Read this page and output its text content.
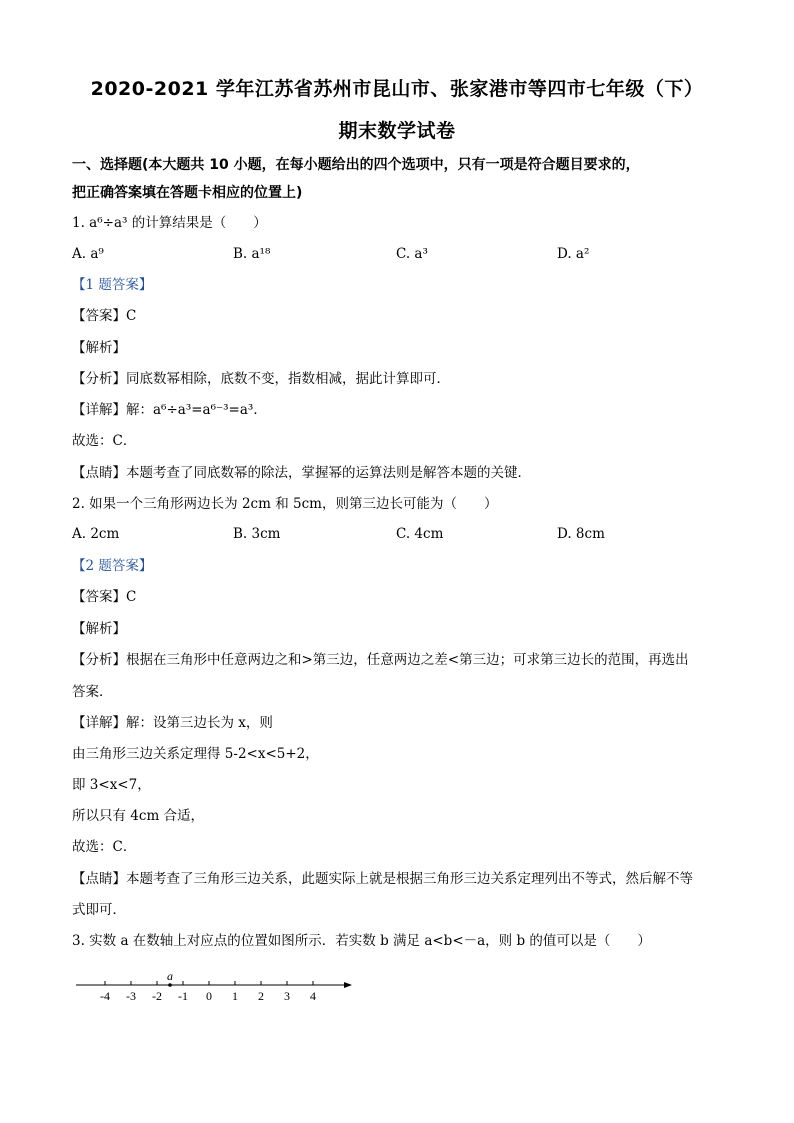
2020-2021 学年江苏省苏州市昆山市、张家港市等四市七年级（下）
期末数学试卷
一、选择题(本大题共 10 小题，在每小题给出的四个选项中，只有一项是符合题目要求的，
把正确答案填在答题卡相应的位置上)
1. a⁶÷a³ 的计算结果是（　　）
A. a⁹	B. a¹⁸	C. a³	D. a²
【1 题答案】
【答案】C
【解析】
【分析】同底数幂相除，底数不变，指数相减，据此计算即可．
【详解】解：a⁶÷a³=a⁶⁻³=a³．
故选：C．
【点睛】本题考查了同底数幂的除法，掌握幂的运算法则是解答本题的关键．
2. 如果一个三角形两边长为 2cm 和 5cm，则第三边长可能为（　　）
A. 2cm	B. 3cm	C. 4cm	D. 8cm
【2 题答案】
【答案】C
【解析】
【分析】根据在三角形中任意两边之和>第三边，任意两边之差<第三边；可求第三边长的范围，再选出
答案．
【详解】解：设第三边长为 x，则
由三角形三边关系定理得 5-2<x<5+2，
即 3<x<7，
所以只有 4cm 合适，
故选：C．
【点睛】本题考查了三角形三边关系，此题实际上就是根据三角形三边关系定理列出不等式，然后解不等
式即可．
3. 实数 a 在数轴上对应点的位置如图所示．若实数 b 满足 a<b<－a，则 b 的值可以是（　　）
-4 -3 -2 -1 0 1 2 3 4
a
